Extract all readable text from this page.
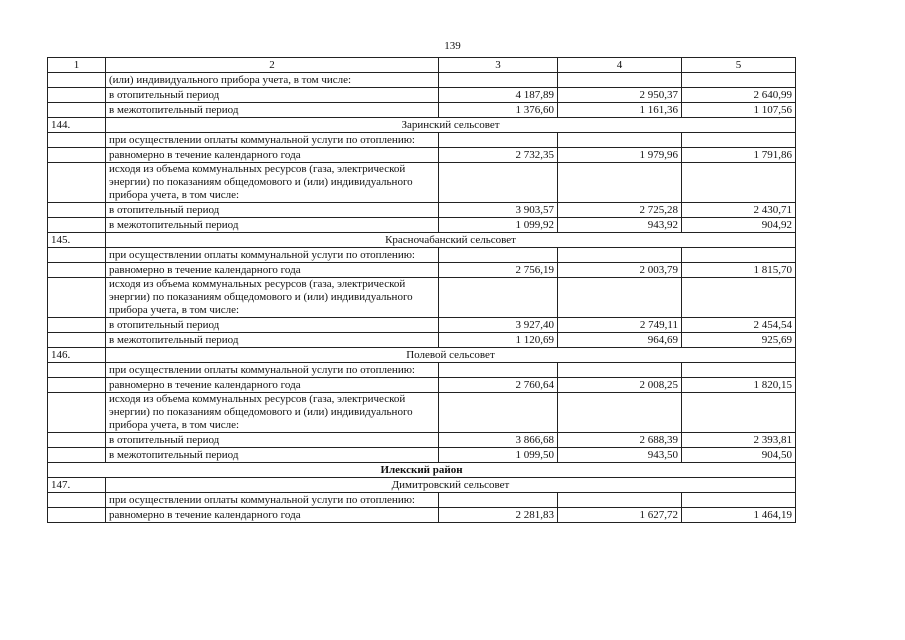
139
1	2	3	4	5
	(или) индивидуального прибора учета, в том числе:			
	в отопительный период	4 187,89	2 950,37	2 640,99
	в межотопительный период	1 376,60	1 161,36	1 107,56
144.	Заринский сельсовет			
	при осуществлении оплаты коммунальной услуги по отоплению:			
	равномерно в течение календарного года	2 732,35	1 979,96	1 791,86
	исходя из объема коммунальных ресурсов (газа, электрической энергии) по показаниям общедомового и (или) индивидуального прибора учета, в том числе:			
	в отопительный период	3 903,57	2 725,28	2 430,71
	в межотопительный период	1 099,92	943,92	904,92
145.	Красночабанский сельсовет			
	при осуществлении оплаты коммунальной услуги по отоплению:			
	равномерно в течение календарного года	2 756,19	2 003,79	1 815,70
	исходя из объема коммунальных ресурсов (газа, электрической энергии) по показаниям общедомового и (или) индивидуального прибора учета, в том числе:			
	в отопительный период	3 927,40	2 749,11	2 454,54
	в межотопительный период	1 120,69	964,69	925,69
146.	Полевой сельсовет			
	при осуществлении оплаты коммунальной услуги по отоплению:			
	равномерно в течение календарного года	2 760,64	2 008,25	1 820,15
	исходя из объема коммунальных ресурсов (газа, электрической энергии) по показаниям общедомового и (или) индивидуального прибора учета, в том числе:			
	в отопительный период	3 866,68	2 688,39	2 393,81
	в межотопительный период	1 099,50	943,50	904,50
Илекский район				
147.	Димитровский сельсовет			
	при осуществлении оплаты коммунальной услуги по отоплению:			
	равномерно в течение календарного года	2 281,83	1 627,72	1 464,19
